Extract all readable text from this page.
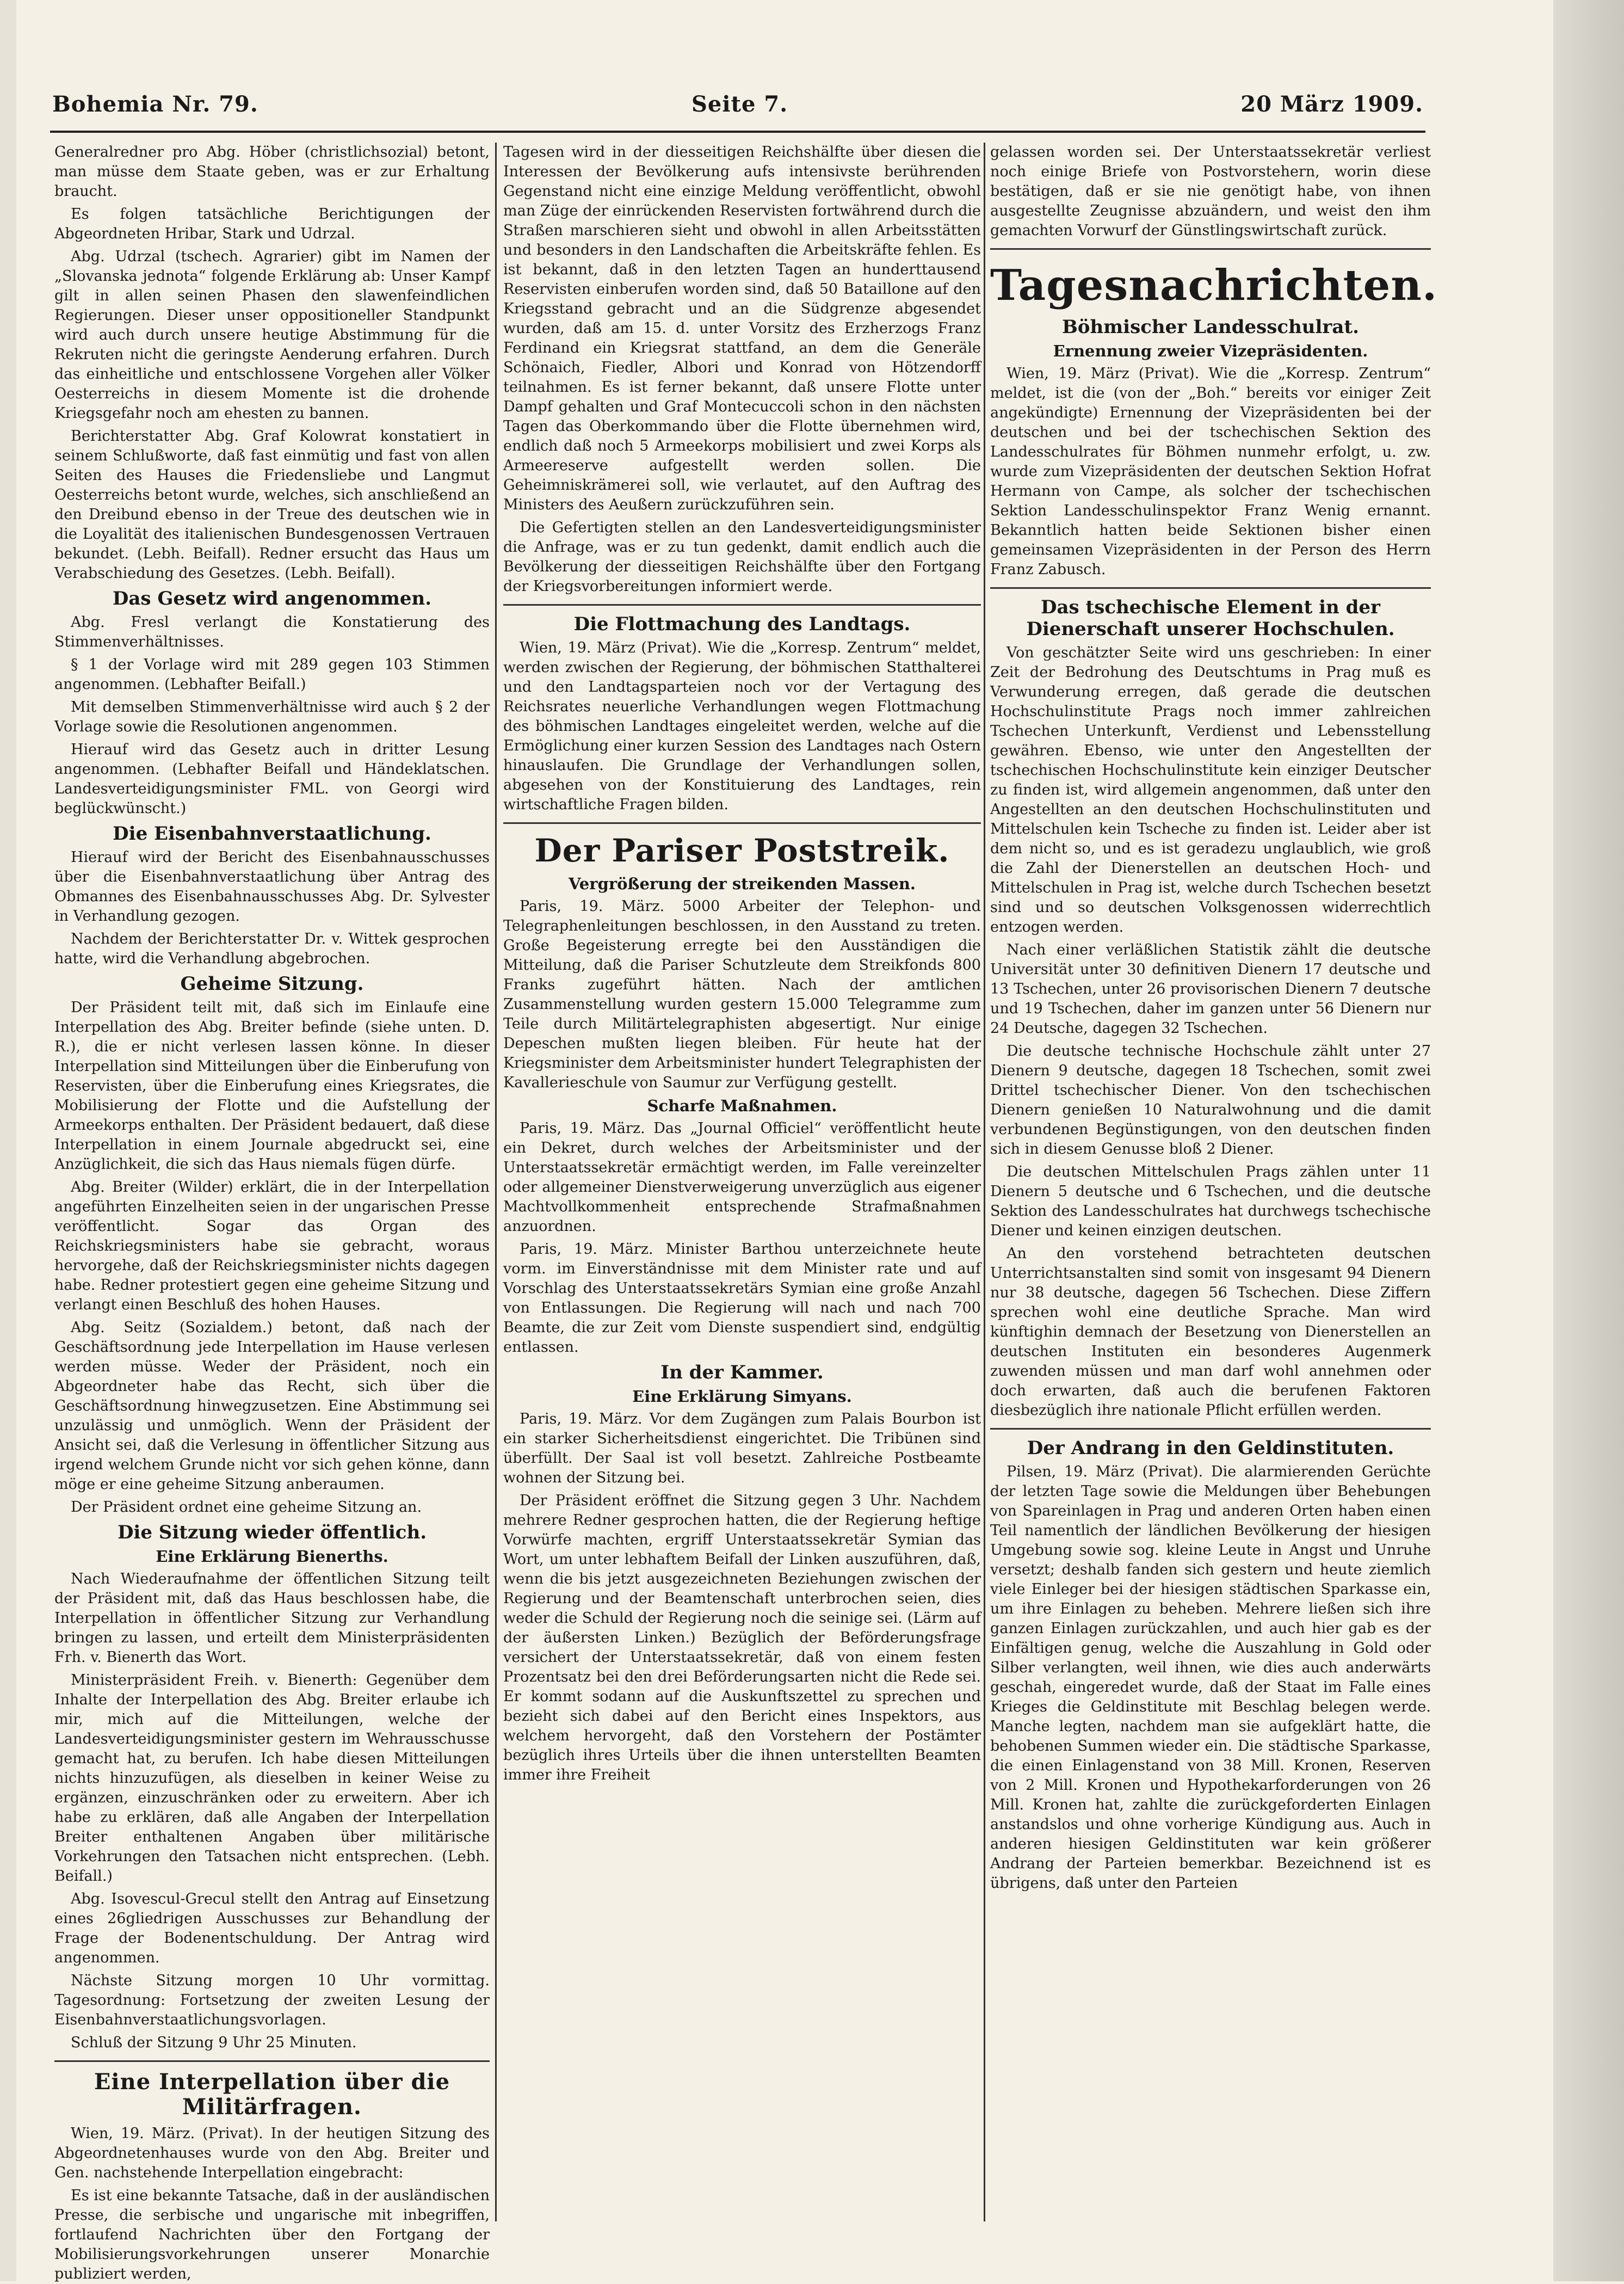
Bohemia Nr. 79.	Seite 7.	20 März 1909.

Generalredner pro Abg. Höber (christlichsozial) betont, man müsse dem Staate geben, was er zur Erhaltung braucht.

Es folgen tatsächliche Berichtigungen der Abgeordneten Hribar, Stark und Udrzal.

Abg. Udrzal (tschech. Agrarier) gibt im Namen der „Slovanska jednota“ folgende Erklärung ab: Unser Kampf gilt in allen seinen Phasen den slawenfeindlichen Regierungen. Dieser unser oppositioneller Standpunkt wird auch durch unsere heutige Abstimmung für die Rekruten nicht die geringste Aenderung erfahren. Durch das einheitliche und entschlossene Vorgehen aller Völker Oesterreichs in diesem Momente ist die drohende Kriegsgefahr noch am ehesten zu bannen.

Berichterstatter Abg. Graf Kolowrat konstatiert in seinem Schlußworte, daß fast einmütig und fast von allen Seiten des Hauses die Friedensliebe und Langmut Oesterreichs betont wurde, welches, sich anschließend an den Dreibund ebenso in der Treue des deutschen wie in die Loyalität des italienischen Bundesgenossen Vertrauen bekundet. (Lebh. Beifall). Redner ersucht das Haus um Verabschiedung des Gesetzes. (Lebh. Beifall).

Das Gesetz wird angenommen.

Abg. Fresl verlangt die Konstatierung des Stimmenverhältnisses.

§ 1 der Vorlage wird mit 289 gegen 103 Stimmen angenommen. (Lebhafter Beifall.)

Mit demselben Stimmenverhältnisse wird auch § 2 der Vorlage sowie die Resolutionen angenommen.

Hierauf wird das Gesetz auch in dritter Lesung angenommen. (Lebhafter Beifall und Händeklatschen. Landesverteidigungsminister FML. von Georgi wird beglückwünscht.)

Die Eisenbahnverstaatlichung.

Hierauf wird der Bericht des Eisenbahnausschusses über die Eisenbahnverstaatlichung über Antrag des Obmannes des Eisenbahnausschusses Abg. Dr. Sylvester in Verhandlung gezogen.

Nachdem der Berichterstatter Dr. v. Wittek gesprochen hatte, wird die Verhandlung abgebrochen.

Geheime Sitzung.

Der Präsident teilt mit, daß sich im Einlaufe eine Interpellation des Abg. Breiter befinde (siehe unten. D. R.), die er nicht verlesen lassen könne. In dieser Interpellation sind Mitteilungen über die Einberufung von Reservisten, über die Einberufung eines Kriegsrates, die Mobilisierung der Flotte und die Aufstellung der Armeekorps enthalten. Der Präsident bedauert, daß diese Interpellation in einem Journale abgedruckt sei, eine Anzüglichkeit, die sich das Haus niemals fügen dürfe.

Abg. Breiter (Wilder) erklärt, die in der Interpellation angeführten Einzelheiten seien in der ungarischen Presse veröffentlicht. Sogar das Organ des Reichskriegsministers habe sie gebracht, woraus hervorgehe, daß der Reichskriegsminister nichts dagegen habe. Redner protestiert gegen eine geheime Sitzung und verlangt einen Beschluß des hohen Hauses.

Abg. Seitz (Sozialdem.) betont, daß nach der Geschäftsordnung jede Interpellation im Hause verlesen werden müsse. Weder der Präsident, noch ein Abgeordneter habe das Recht, sich über die Geschäftsordnung hinwegzusetzen. Eine Abstimmung sei unzulässig und unmöglich. Wenn der Präsident der Ansicht sei, daß die Verlesung in öffentlicher Sitzung aus irgend welchem Grunde nicht vor sich gehen könne, dann möge er eine geheime Sitzung anberaumen.

Der Präsident ordnet eine geheime Sitzung an.

Die Sitzung wieder öffentlich.
Eine Erklärung Bienerths.

Nach Wiederaufnahme der öffentlichen Sitzung teilt der Präsident mit, daß das Haus beschlossen habe, die Interpellation in öffentlicher Sitzung zur Verhandlung bringen zu lassen, und erteilt dem Ministerpräsidenten Frh. v. Bienerth das Wort.

Ministerpräsident Freih. v. Bienerth: Gegenüber dem Inhalte der Interpellation des Abg. Breiter erlaube ich mir, mich auf die Mitteilungen, welche der Landesverteidigungsminister gestern im Wehrausschusse gemacht hat, zu berufen. Ich habe diesen Mitteilungen nichts hinzuzufügen, als dieselben in keiner Weise zu ergänzen, einzuschränken oder zu erweitern. Aber ich habe zu erklären, daß alle Angaben der Interpellation Breiter enthaltenen Angaben über militärische Vorkehrungen den Tatsachen nicht entsprechen. (Lebh. Beifall.)

Abg. Isovescul-Grecul stellt den Antrag auf Einsetzung eines 26gliedrigen Ausschusses zur Behandlung der Frage der Bodenentschuldung. Der Antrag wird angenommen.

Nächste Sitzung morgen 10 Uhr vormittag. Tagesordnung: Fortsetzung der zweiten Lesung der Eisenbahnverstaatlichungsvorlagen.

Schluß der Sitzung 9 Uhr 25 Minuten.

Eine Interpellation über die Militärfragen.

Wien, 19. März. (Privat). In der heutigen Sitzung des Abgeordnetenhauses wurde von den Abg. Breiter und Gen. nachstehende Interpellation eingebracht:

Es ist eine bekannte Tatsache, daß in der ausländischen Presse, die serbische und ungarische mit inbegriffen, fortlaufend Nachrichten über den Fortgang der Mobilisierungsvorkehrungen unserer Monarchie publiziert werden,

Tagesen wird in der diesseitigen Reichshälfte über diesen die Interessen der Bevölkerung aufs intensivste berührenden Gegenstand nicht eine einzige Meldung veröffentlicht, obwohl man Züge der einrückenden Reservisten fortwährend durch die Straßen marschieren sieht und obwohl in allen Arbeitsstätten und besonders in den Landschaften die Arbeitskräfte fehlen. Es ist bekannt, daß in den letzten Tagen an hunderttausend Reservisten einberufen worden sind, daß 50 Bataillone auf den Kriegsstand gebracht und an die Südgrenze abgesendet wurden, daß am 15. d. unter Vorsitz des Erzherzogs Franz Ferdinand ein Kriegsrat stattfand, an dem die Generäle Schönaich, Fiedler, Albori und Konrad von Hötzendorff teilnahmen. Es ist ferner bekannt, daß unsere Flotte unter Dampf gehalten und Graf Montecuccoli schon in den nächsten Tagen das Oberkommando über die Flotte übernehmen wird, endlich daß noch 5 Armeekorps mobilisiert und zwei Korps als Armeereserve aufgestellt werden sollen. Die Geheimniskrämerei soll, wie verlautet, auf den Auftrag des Ministers des Aeußern zurückzuführen sein.

Die Gefertigten stellen an den Landesverteidigungsminister die Anfrage, was er zu tun gedenkt, damit endlich auch die Bevölkerung der diesseitigen Reichshälfte über den Fortgang der Kriegsvorbereitungen informiert werde.

Die Flottmachung des Landtags.

Wien, 19. März (Privat). Wie die „Korresp. Zentrum“ meldet, werden zwischen der Regierung, der böhmischen Statthalterei und den Landtagsparteien noch vor der Vertagung des Reichsrates neuerliche Verhandlungen wegen Flottmachung des böhmischen Landtages eingeleitet werden, welche auf die Ermöglichung einer kurzen Session des Landtages nach Ostern hinauslaufen. Die Grundlage der Verhandlungen sollen, abgesehen von der Konstituierung des Landtages, rein wirtschaftliche Fragen bilden.

Der Pariser Poststreik.
Vergrößerung der streikenden Massen.

Paris, 19. März. 5000 Arbeiter der Telephon- und Telegraphenleitungen beschlossen, in den Ausstand zu treten. Große Begeisterung erregte bei den Ausständigen die Mitteilung, daß die Pariser Schutzleute dem Streikfonds 800 Franks zugeführt hätten. Nach der amtlichen Zusammenstellung wurden gestern 15.000 Telegramme zum Teile durch Militärtelegraphisten abgesertigt. Nur einige Depeschen mußten liegen bleiben. Für heute hat der Kriegsminister dem Arbeitsminister hundert Telegraphisten der Kavallerieschule von Saumur zur Verfügung gestellt.

Scharfe Maßnahmen.

Paris, 19. März. Das „Journal Officiel“ veröffentlicht heute ein Dekret, durch welches der Arbeitsminister und der Unterstaatssekretär ermächtigt werden, im Falle vereinzelter oder allgemeiner Dienstverweigerung unverzüglich aus eigener Machtvollkommenheit entsprechende Strafmaßnahmen anzuordnen.

Paris, 19. März. Minister Barthou unterzeichnete heute vorm. im Einverständnisse mit dem Minister rate und auf Vorschlag des Unterstaatssekretärs Symian eine große Anzahl von Entlassungen. Die Regierung will nach und nach 700 Beamte, die zur Zeit vom Dienste suspendiert sind, endgültig entlassen.

In der Kammer.
Eine Erklärung Simyans.

Paris, 19. März. Vor dem Zugängen zum Palais Bourbon ist ein starker Sicherheitsdienst eingerichtet. Die Tribünen sind überfüllt. Der Saal ist voll besetzt. Zahlreiche Postbeamte wohnen der Sitzung bei.

Der Präsident eröffnet die Sitzung gegen 3 Uhr. Nachdem mehrere Redner gesprochen hatten, die der Regierung heftige Vorwürfe machten, ergriff Unterstaatssekretär Symian das Wort, um unter lebhaftem Beifall der Linken auszuführen, daß, wenn die bis jetzt ausgezeichneten Beziehungen zwischen der Regierung und der Beamtenschaft unterbrochen seien, dies weder die Schuld der Regierung noch die seinige sei. (Lärm auf der äußersten Linken.) Bezüglich der Beförderungsfrage versichert der Unterstaatssekretär, daß von einem festen Prozentsatz bei den drei Beförderungsarten nicht die Rede sei. Er kommt sodann auf die Auskunftszettel zu sprechen und bezieht sich dabei auf den Bericht eines Inspektors, aus welchem hervorgeht, daß den Vorstehern der Postämter bezüglich ihres Urteils über die ihnen unterstellten Beamten immer ihre Freiheit

gelassen worden sei. Der Unterstaatssekretär verliest noch einige Briefe von Postvorstehern, worin diese bestätigen, daß er sie nie genötigt habe, von ihnen ausgestellte Zeugnisse abzuändern, und weist den ihm gemachten Vorwurf der Günstlingswirtschaft zurück.

Tagesnachrichten.
Böhmischer Landesschulrat.
Ernennung zweier Vizepräsidenten.

Wien, 19. März (Privat). Wie die „Korresp. Zentrum“ meldet, ist die (von der „Boh.“ bereits vor einiger Zeit angekündigte) Ernennung der Vizepräsidenten bei der deutschen und bei der tschechischen Sektion des Landesschulrates für Böhmen nunmehr erfolgt, u. zw. wurde zum Vizepräsidenten der deutschen Sektion Hofrat Hermann von Campe, als solcher der tschechischen Sektion Landesschulinspektor Franz Wenig ernannt. Bekanntlich hatten beide Sektionen bisher einen gemeinsamen Vizepräsidenten in der Person des Herrn Franz Zabusch.

Das tschechische Element in der Dienerschaft unserer Hochschulen.

Von geschätzter Seite wird uns geschrieben: In einer Zeit der Bedrohung des Deutschtums in Prag muß es Verwunderung erregen, daß gerade die deutschen Hochschulinstitute Prags noch immer zahlreichen Tschechen Unterkunft, Verdienst und Lebensstellung gewähren. Ebenso, wie unter den Angestellten der tschechischen Hochschulinstitute kein einziger Deutscher zu finden ist, wird allgemein angenommen, daß unter den Angestellten an den deutschen Hochschulinstituten und Mittelschulen kein Tscheche zu finden ist. Leider aber ist dem nicht so, und es ist geradezu unglaublich, wie groß die Zahl der Dienerstellen an deutschen Hoch- und Mittelschulen in Prag ist, welche durch Tschechen besetzt sind und so deutschen Volksgenossen widerrechtlich entzogen werden.

Nach einer verläßlichen Statistik zählt die deutsche Universität unter 30 definitiven Dienern 17 deutsche und 13 Tschechen, unter 26 provisorischen Dienern 7 deutsche und 19 Tschechen, daher im ganzen unter 56 Dienern nur 24 Deutsche, dagegen 32 Tschechen.

Die deutsche technische Hochschule zählt unter 27 Dienern 9 deutsche, dagegen 18 Tschechen, somit zwei Drittel tschechischer Diener. Von den tschechischen Dienern genießen 10 Naturalwohnung und die damit verbundenen Begünstigungen, von den deutschen finden sich in diesem Genusse bloß 2 Diener.

Die deutschen Mittelschulen Prags zählen unter 11 Dienern 5 deutsche und 6 Tschechen, und die deutsche Sektion des Landesschulrates hat durchwegs tschechische Diener und keinen einzigen deutschen.

An den vorstehend betrachteten deutschen Unterrichtsanstalten sind somit von insgesamt 94 Dienern nur 38 deutsche, dagegen 56 Tschechen. Diese Ziffern sprechen wohl eine deutliche Sprache. Man wird künftighin demnach der Besetzung von Dienerstellen an deutschen Instituten ein besonderes Augenmerk zuwenden müssen und man darf wohl annehmen oder doch erwarten, daß auch die berufenen Faktoren diesbezüglich ihre nationale Pflicht erfüllen werden.

Der Andrang in den Geldinstituten.

Pilsen, 19. März (Privat). Die alarmierenden Gerüchte der letzten Tage sowie die Meldungen über Behebungen von Spareinlagen in Prag und anderen Orten haben einen Teil namentlich der ländlichen Bevölkerung der hiesigen Umgebung sowie sog. kleine Leute in Angst und Unruhe versetzt; deshalb fanden sich gestern und heute ziemlich viele Einleger bei der hiesigen städtischen Sparkasse ein, um ihre Einlagen zu beheben. Mehrere ließen sich ihre ganzen Einlagen zurückzahlen, und auch hier gab es der Einfältigen genug, welche die Auszahlung in Gold oder Silber verlangten, weil ihnen, wie dies auch anderwärts geschah, eingeredet wurde, daß der Staat im Falle eines Krieges die Geldinstitute mit Beschlag belegen werde. Manche legten, nachdem man sie aufgeklärt hatte, die behobenen Summen wieder ein. Die städtische Sparkasse, die einen Einlagenstand von 38 Mill. Kronen, Reserven von 2 Mill. Kronen und Hypothekarforderungen von 26 Mill. Kronen hat, zahlte die zurückgeforderten Einlagen anstandslos und ohne vorherige Kündigung aus. Auch in anderen hiesigen Geldinstituten war kein größerer Andrang der Parteien bemerkbar. Bezeichnend ist es übrigens, daß unter den Parteien
